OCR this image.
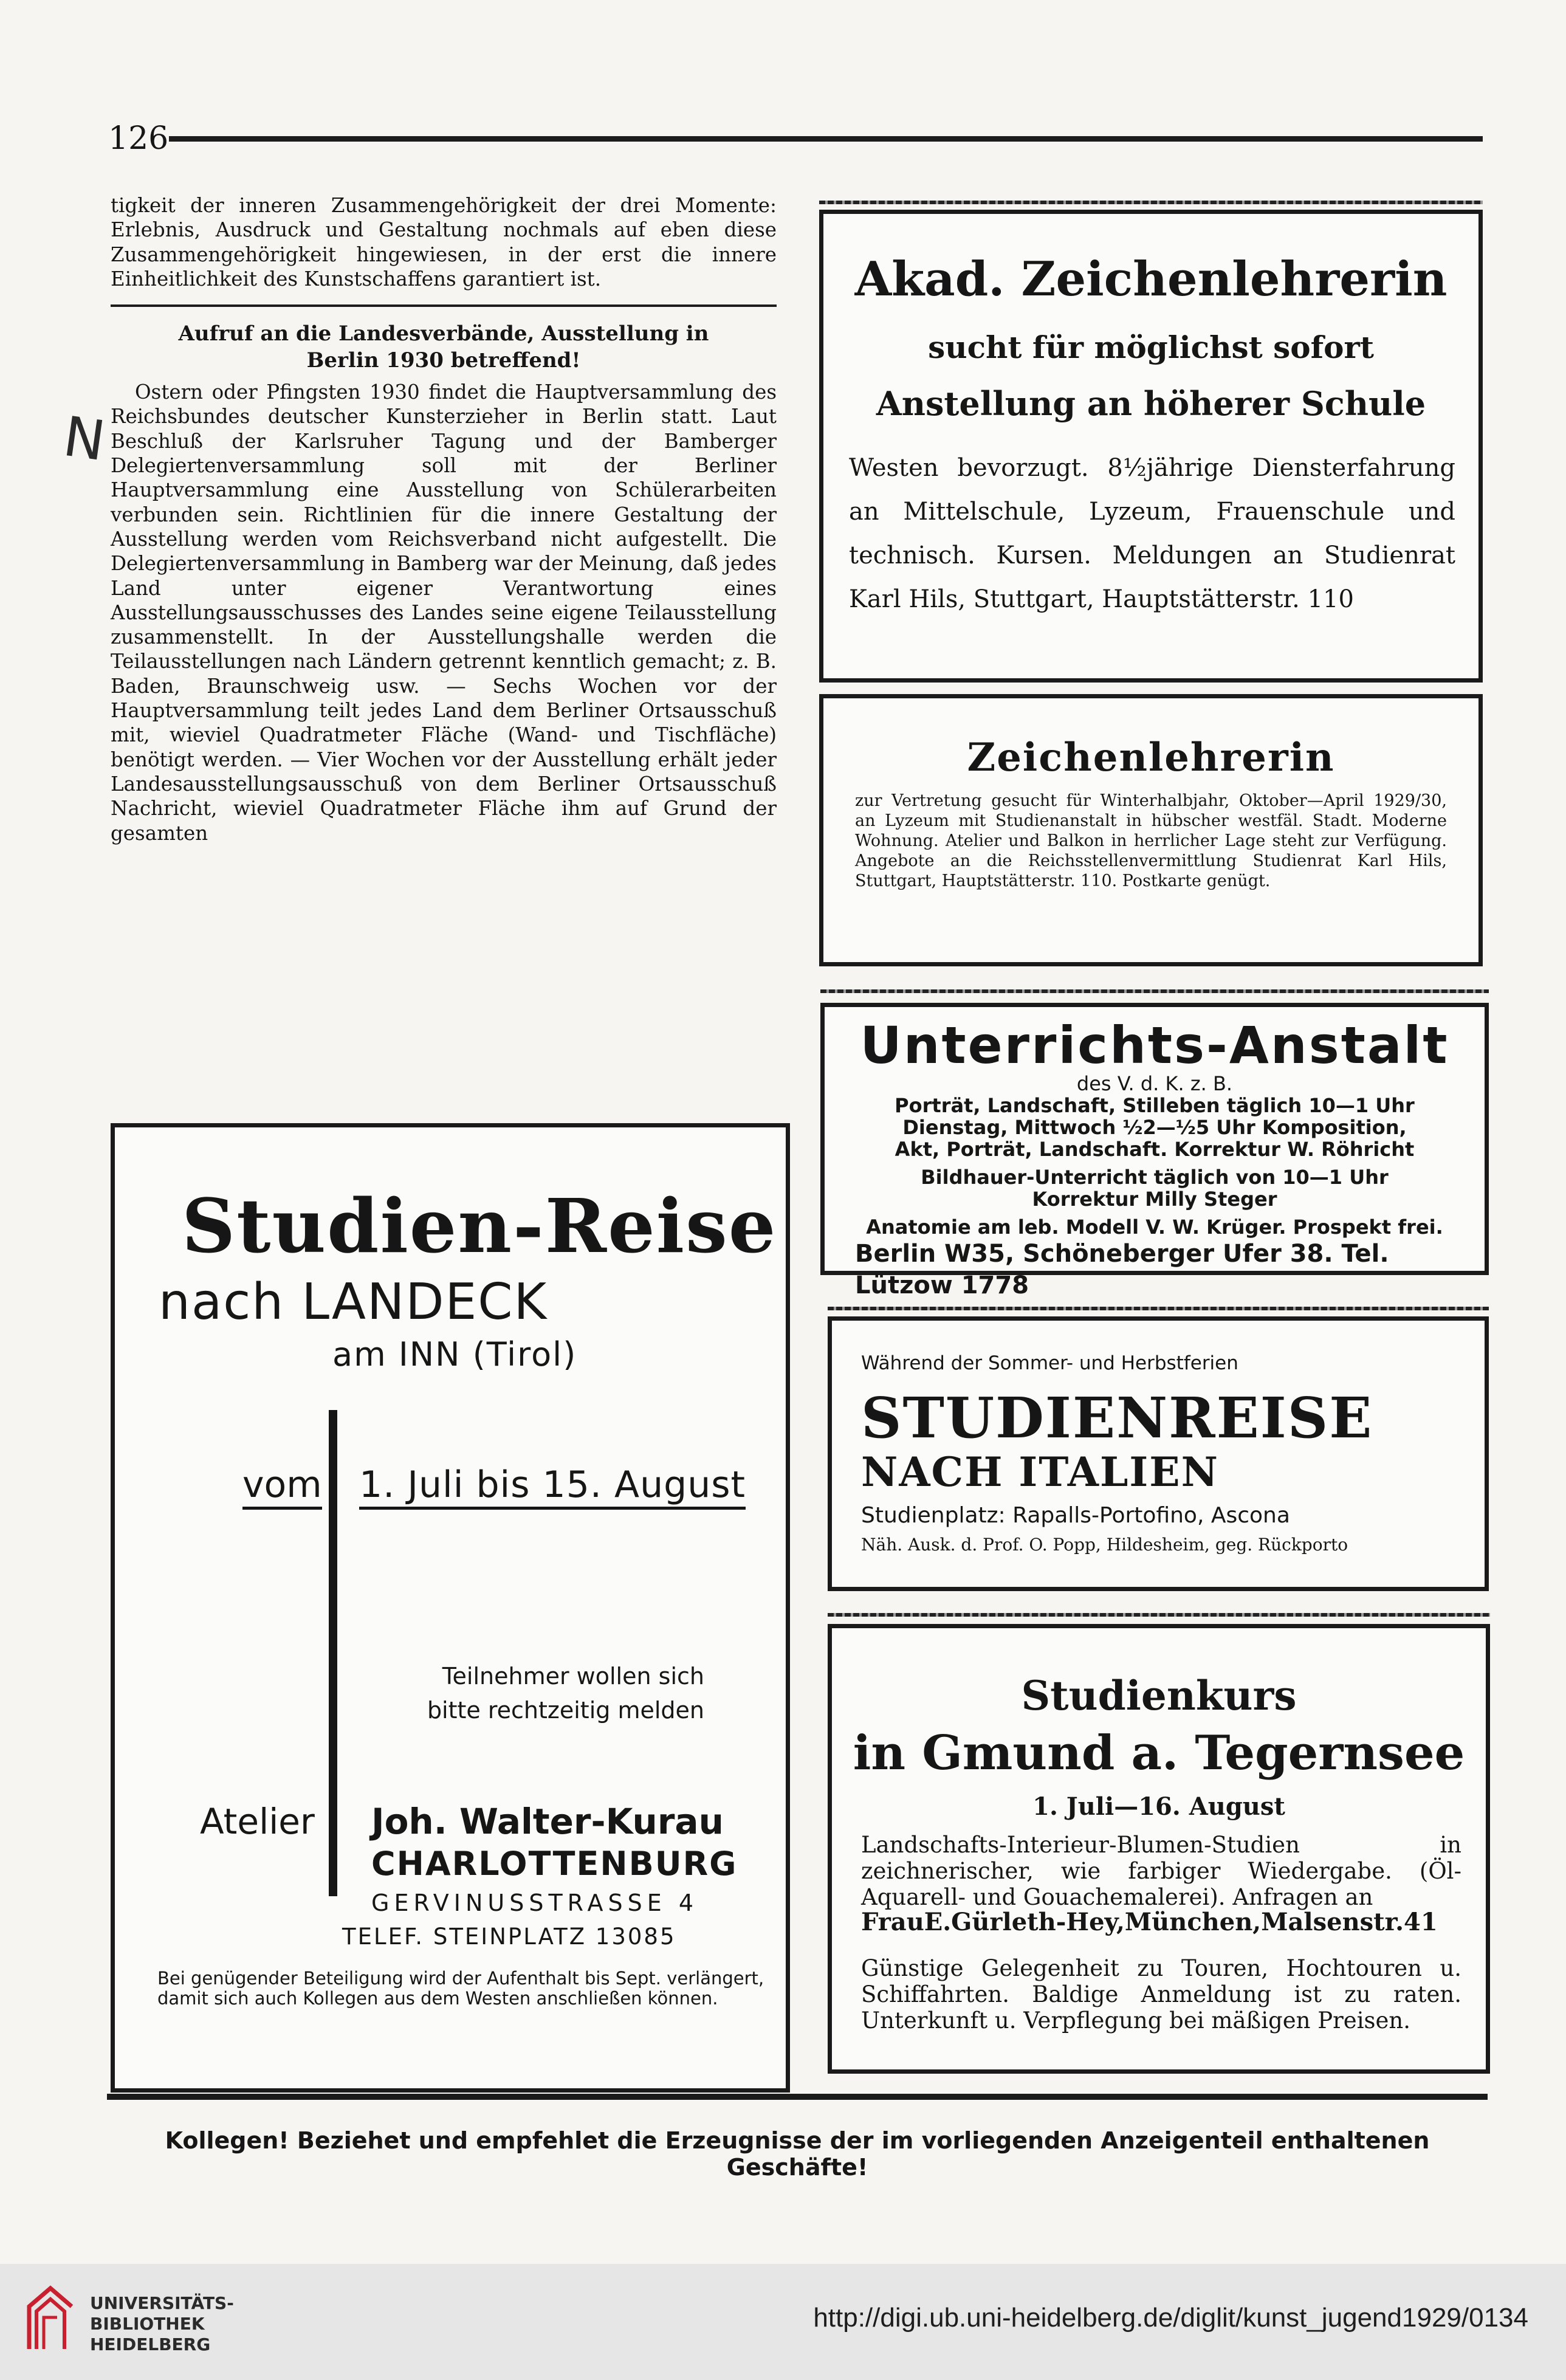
126
N

tigkeit der inneren Zusammengehörigkeit der drei Momente: Erlebnis, Ausdruck und Gestaltung nochmals auf eben diese Zusammengehörigkeit hingewiesen, in der erst die innere Einheitlichkeit des Kunstschaffens garantiert ist.

Aufruf an die Landesverbände, Ausstellung in
Berlin 1930 betreffend!

Ostern oder Pfingsten 1930 findet die Hauptversammlung des Reichsbundes deutscher Kunsterzieher in Berlin statt. Laut Beschluß der Karlsruher Tagung und der Bamberger Delegiertenversammlung soll mit der Berliner Hauptversammlung eine Ausstellung von Schülerarbeiten verbunden sein. Richtlinien für die innere Gestaltung der Ausstellung werden vom Reichsverband nicht aufgestellt. Die Delegiertenversammlung in Bamberg war der Meinung, daß jedes Land unter eigener Verantwortung eines Ausstellungsausschusses des Landes seine eigene Teilausstellung zusammenstellt. In der Ausstellungshalle werden die Teilausstellungen nach Ländern getrennt kenntlich gemacht; z. B. Baden, Braunschweig usw. — Sechs Wochen vor der Hauptversammlung teilt jedes Land dem Berliner Ortsausschuß mit, wieviel Quadratmeter Fläche (Wand- und Tischfläche) benötigt werden. — Vier Wochen vor der Ausstellung erhält jeder Landesausstellungsausschuß von dem Berliner Ortsausschuß Nachricht, wieviel Quadratmeter Fläche ihm auf Grund der gesamten

Akad. Zeichenlehrerin
sucht für möglichst sofort
Anstellung an höherer Schule
Westen bevorzugt. 8½jährige Diensterfahrung an Mittelschule, Lyzeum, Frauenschule und technisch. Kursen. Meldungen an Studienrat Karl Hils, Stuttgart, Hauptstätterstr. 110
Zeichenlehrerin
zur Vertretung gesucht für Winterhalbjahr, Oktober—April 1929/30, an Lyzeum mit Studienanstalt in hübscher westfäl. Stadt. Moderne Wohnung. Atelier und Balkon in herrlicher Lage steht zur Verfügung. Angebote an die Reichsstellenvermittlung Studienrat Karl Hils, Stuttgart, Hauptstätterstr. 110. Postkarte genügt.
Unterrichts-Anstalt
des V. d. K. z. B.
Porträt, Landschaft, Stilleben täglich 10—1 Uhr
Dienstag, Mittwoch ½2—½5 Uhr Komposition,
Akt, Porträt, Landschaft. Korrektur W. Röhricht
Bildhauer-Unterricht täglich von 10—1 Uhr
Korrektur Milly Steger
Anatomie am leb. Modell V. W. Krüger. Prospekt frei.
Berlin W35, Schöneberger Ufer 38. Tel. Lützow 1778
Während der Sommer- und Herbstferien
STUDIENREISE
NACH ITALIEN
Studienplatz: Rapalls-Portofino, Ascona
Näh. Ausk. d. Prof. O. Popp, Hildesheim, geg. Rückporto
Studienkurs
in Gmund a. Tegernsee
1. Juli—16. August
Landschafts-Interieur-Blumen-Studien in zeichnerischer, wie farbiger Wiedergabe. (Öl-Aquarell- und Gouachemalerei). Anfragen an
FrauE.Gürleth-Hey,München,Malsenstr.41
Günstige Gelegenheit zu Touren, Hochtouren u. Schiffahrten. Baldige Anmeldung ist zu raten. Unterkunft u. Verpflegung bei mäßigen Preisen.
Studien-Reise
nach LANDECK
am INN (Tirol)
vom 1. Juli bis 15. August
Teilnehmer wollen sich
bitte rechtzeitig melden
Atelier Joh. Walter-Kurau
CHARLOTTENBURG
GERVINUSSTRASSE 4
TELEF. STEINPLATZ 13085
Bei genügender Beteiligung wird der Aufenthalt bis Sept. verlängert, damit sich auch Kollegen aus dem Westen anschließen können.
Kollegen! Beziehet und empfehlet die Erzeugnisse der im vorliegenden Anzeigenteil enthaltenen Geschäfte!
UNIVERSITÄTS-
BIBLIOTHEK
HEIDELBERG
http://digi.ub.uni-heidelberg.de/diglit/kunst_jugend1929/0134
